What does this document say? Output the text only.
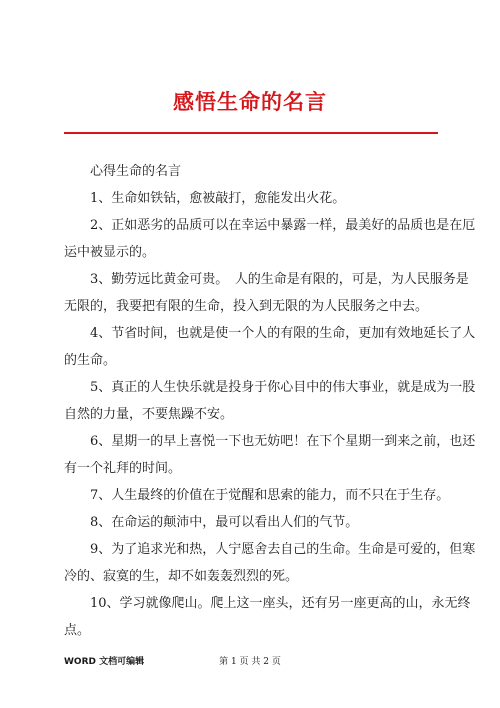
感悟生命的名言
心得生命的名言
1、生命如铁钻，愈被敲打，愈能发出火花。
2、正如恶劣的品质可以在幸运中暴露一样，最美好的品质也是在厄
运中被显示的。
3、勤劳远比黄金可贵。　人的生命是有限的，可是，为人民服务是
无限的，我要把有限的生命，投入到无限的为人民服务之中去。
4、节省时间，也就是使一个人的有限的生命，更加有效地延长了人
的生命。
5、真正的人生快乐就是投身于你心目中的伟大事业，就是成为一股
自然的力量，不要焦躁不安。
6、星期一的早上喜悦一下也无妨吧！在下个星期一到来之前，也还
有一个礼拜的时间。
7、人生最终的价值在于觉醒和思索的能力，而不只在于生存。
8、在命运的颠沛中，最可以看出人们的气节。
9、为了追求光和热，人宁愿舍去自己的生命。生命是可爱的，但寒
冷的、寂寞的生，却不如轰轰烈烈的死。
10、学习就像爬山。爬上这一座头，还有另一座更高的山，永无终
点。
WORD 文档可编辑	第 1 页 共 2 页
